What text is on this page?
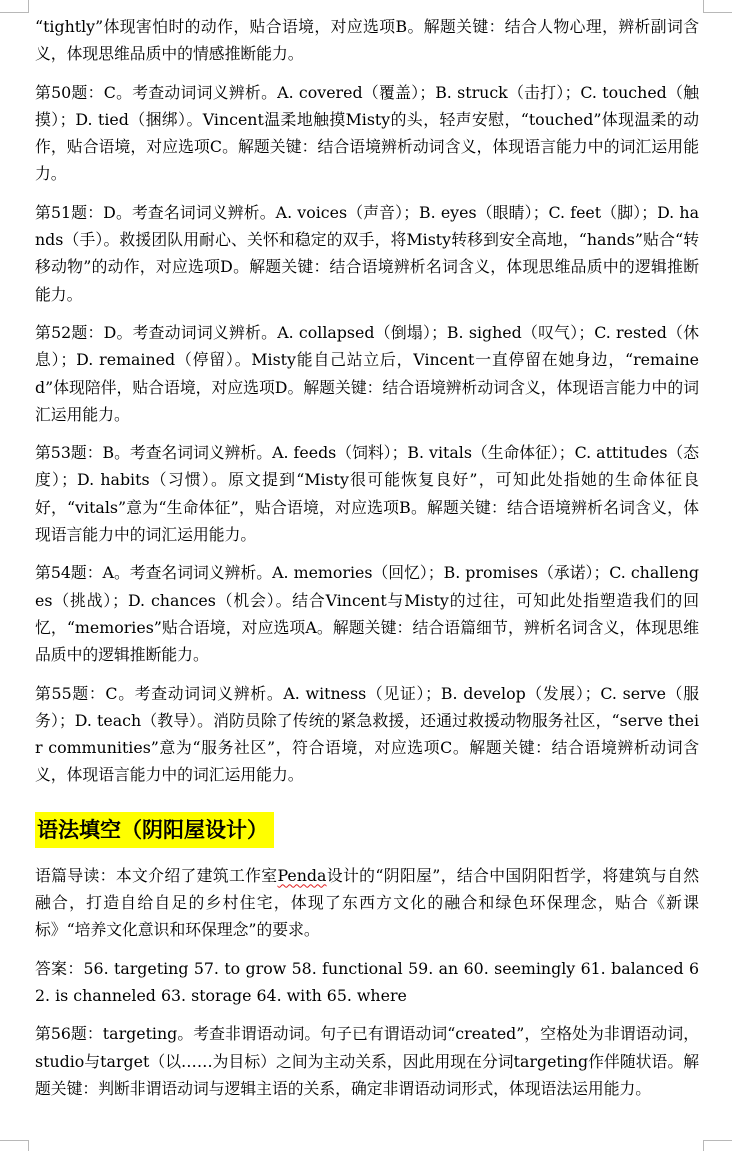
“tightly”体现害怕时的动作，贴合语境，对应选项B。解题关键：结合人物心理，辨析副词含义，体现思维品质中的情感推断能力。

第50题：C。考查动词词义辨析。A. covered（覆盖）；B. struck（击打）；C. touched（触摸）；D. tied（捆绑）。Vincent温柔地触摸Misty的头，轻声安慰，“touched”体现温柔的动作，贴合语境，对应选项C。解题关键：结合语境辨析动词含义，体现语言能力中的词汇运用能力。

第51题：D。考查名词词义辨析。A. voices（声音）；B. eyes（眼睛）；C. feet（脚）；D. hands（手）。救援团队用耐心、关怀和稳定的双手，将Misty转移到安全高地，“hands”贴合“转移动物”的动作，对应选项D。解题关键：结合语境辨析名词含义，体现思维品质中的逻辑推断能力。

第52题：D。考查动词词义辨析。A. collapsed（倒塌）；B. sighed（叹气）；C. rested（休息）；D. remained（停留）。Misty能自己站立后，Vincent一直停留在她身边，“remained”体现陪伴，贴合语境，对应选项D。解题关键：结合语境辨析动词含义，体现语言能力中的词汇运用能力。

第53题：B。考查名词词义辨析。A. feeds（饲料）；B. vitals（生命体征）；C. attitudes（态度）；D. habits（习惯）。原文提到“Misty很可能恢复良好”，可知此处指她的生命体征良好，“vitals”意为“生命体征”，贴合语境，对应选项B。解题关键：结合语境辨析名词含义，体现语言能力中的词汇运用能力。

第54题：A。考查名词词义辨析。A. memories（回忆）；B. promises（承诺）；C. challenges（挑战）；D. chances（机会）。结合Vincent与Misty的过往，可知此处指塑造我们的回忆，“memories”贴合语境，对应选项A。解题关键：结合语篇细节，辨析名词含义，体现思维品质中的逻辑推断能力。

第55题：C。考查动词词义辨析。A. witness（见证）；B. develop（发展）；C. serve（服务）；D. teach（教导）。消防员除了传统的紧急救援，还通过救援动物服务社区，“serve their communities”意为“服务社区”，符合语境，对应选项C。解题关键：结合语境辨析动词含义，体现语言能力中的词汇运用能力。

语法填空（阴阳屋设计）

语篇导读：本文介绍了建筑工作室Penda设计的“阴阳屋”，结合中国阴阳哲学，将建筑与自然融合，打造自给自足的乡村住宅，体现了东西方文化的融合和绿色环保理念，贴合《新课标》“培养文化意识和环保理念”的要求。

答案：56. targeting 57. to grow 58. functional 59. an 60. seemingly 61. balanced 62. is channeled 63. storage 64. with 65. where

第56题：targeting。考查非谓语动词。句子已有谓语动词“created”，空格处为非谓语动词，studio与target（以……为目标）之间为主动关系，因此用现在分词targeting作伴随状语。解题关键：判断非谓语动词与逻辑主语的关系，确定非谓语动词形式，体现语法运用能力。
